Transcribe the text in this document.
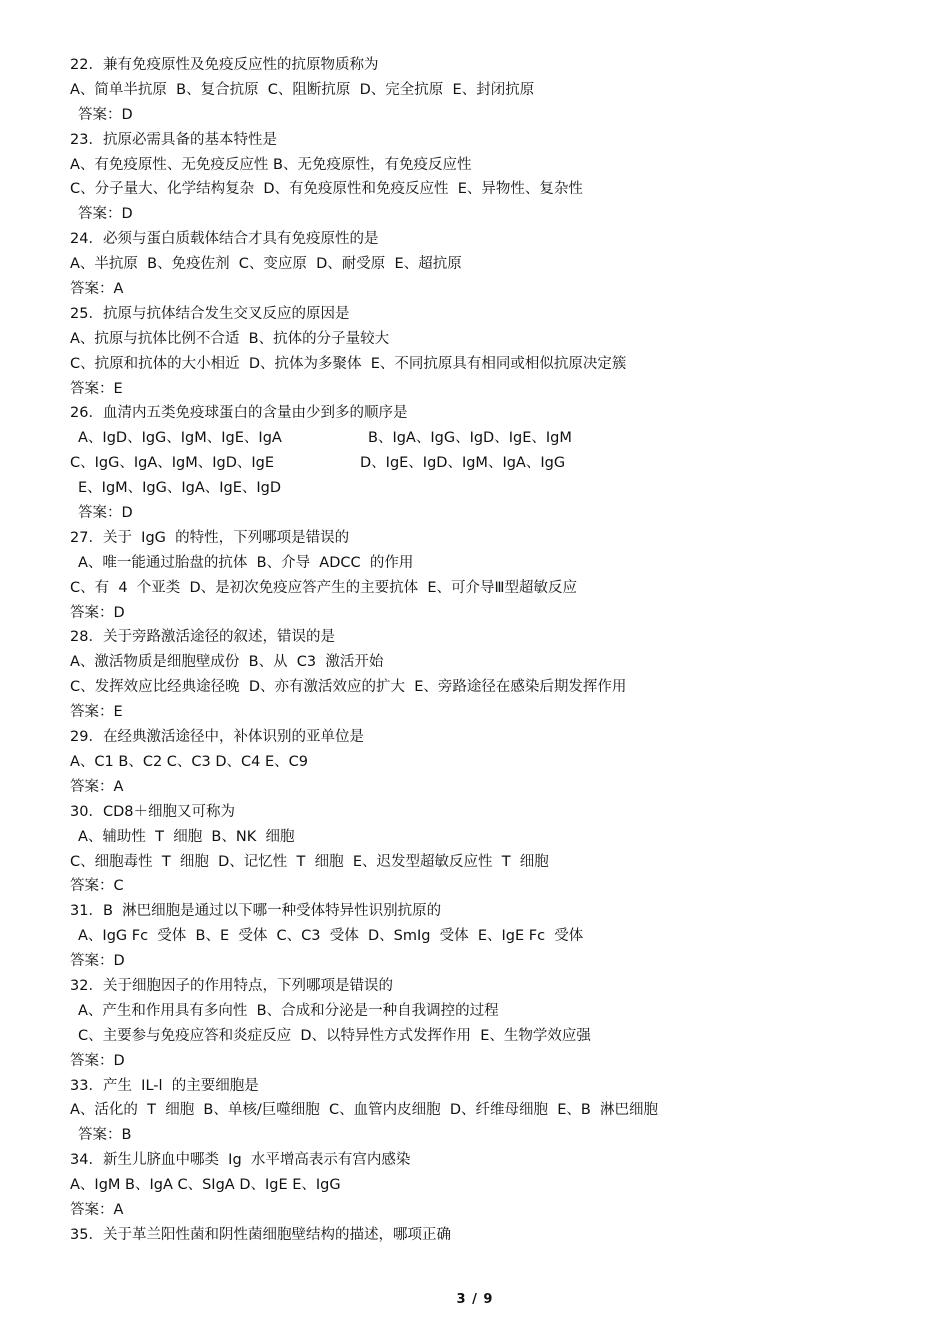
22．兼有免疫原性及免疫反应性的抗原物质称为
A、简单半抗原  B、复合抗原  C、阻断抗原  D、完全抗原  E、封闭抗原
答案：D
23．抗原必需具备的基本特性是
A、有免疫原性、无免疫反应性 B、无免疫原性，有免疫反应性
C、分子量大、化学结构复杂  D、有免疫原性和免疫反应性  E、异物性、复杂性
答案：D
24．必须与蛋白质载体结合才具有免疫原性的是
A、半抗原  B、免疫佐剂  C、变应原  D、耐受原  E、超抗原
答案：A
25．抗原与抗体结合发生交叉反应的原因是
A、抗原与抗体比例不合适  B、抗体的分子量较大
C、抗原和抗体的大小相近  D、抗体为多聚体  E、不同抗原具有相同或相似抗原决定簇
答案：E
26．血清内五类免疫球蛋白的含量由少到多的顺序是
A、IgD、IgG、IgM、IgE、IgA	B、IgA、IgG、IgD、IgE、IgM
C、IgG、IgA、IgM、IgD、IgE	D、IgE、IgD、IgM、IgA、IgG
E、IgM、IgG、IgA、IgE、IgD
答案：D
27．关于  IgG  的特性，下列哪项是错误的
A、唯一能通过胎盘的抗体  B、介导  ADCC  的作用
C、有  4  个亚类  D、是初次免疫应答产生的主要抗体  E、可介导Ⅲ型超敏反应
答案：D
28．关于旁路激活途径的叙述，错误的是
A、激活物质是细胞壁成份  B、从  C3  激活开始
C、发挥效应比经典途径晚  D、亦有激活效应的扩大  E、旁路途径在感染后期发挥作用
答案：E
29．在经典激活途径中，补体识别的亚单位是
A、C1 B、C2 C、C3 D、C4 E、C9
答案：A
30．CD8＋细胞又可称为
A、辅助性  T  细胞  B、NK  细胞
C、细胞毒性  T  细胞  D、记忆性  T  细胞  E、迟发型超敏反应性  T  细胞
答案：C
31．B  淋巴细胞是通过以下哪一种受体特异性识别抗原的
A、IgG Fc  受体  B、E  受体  C、C3  受体  D、SmIg  受体  E、IgE Fc  受体
答案：D
32．关于细胞因子的作用特点，下列哪项是错误的
A、产生和作用具有多向性  B、合成和分泌是一种自我调控的过程
C、主要参与免疫应答和炎症反应  D、以特异性方式发挥作用  E、生物学效应强
答案：D
33．产生  IL-l  的主要细胞是
A、活化的  T  细胞  B、单核/巨噬细胞  C、血管内皮细胞  D、纤维母细胞  E、B  淋巴细胞
答案：B
34．新生儿脐血中哪类  Ig  水平增高表示有宫内感染
A、IgM B、IgA C、SIgA D、IgE E、IgG
答案：A
35．关于革兰阳性菌和阴性菌细胞壁结构的描述，哪项正确
3 / 9
